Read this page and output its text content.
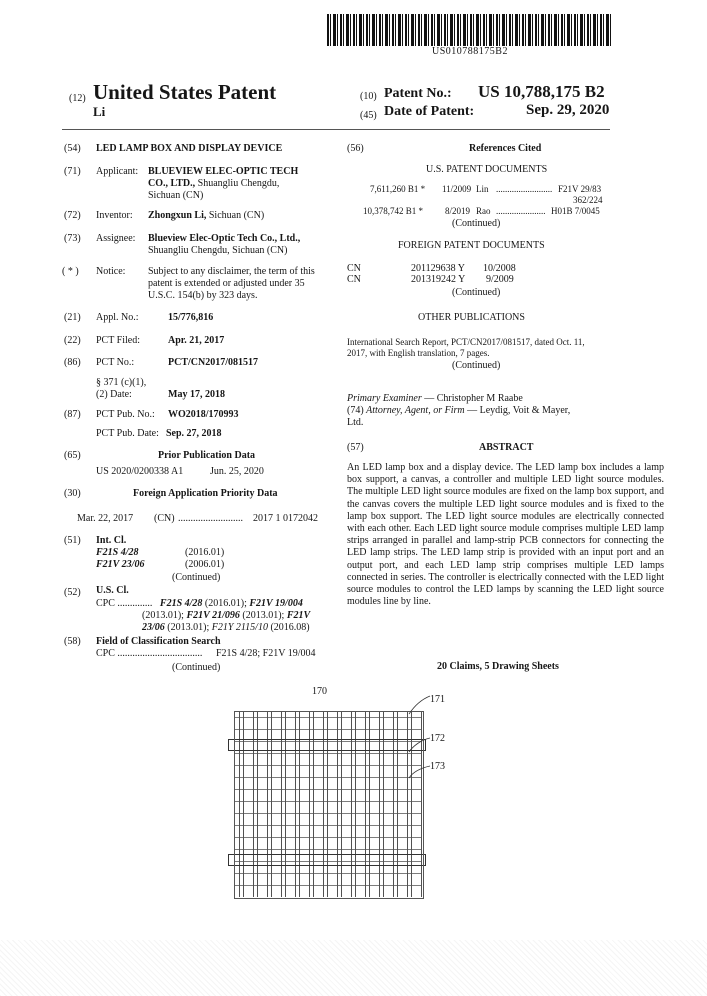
US010788175B2
(12) United States Patent
Li
(10) Patent No.: US 10,788,175 B2
(45) Date of Patent:	Sep. 29, 2020
(54) LED LAMP BOX AND DISPLAY DEVICE
(71) Applicant: BLUEVIEW ELEC-OPTIC TECH
CO., LTD., Shuangliu Chengdu,
Sichuan (CN)
(72) Inventor: Zhongxun Li, Sichuan (CN)
(73) Assignee: Blueview Elec-Optic Tech Co., Ltd.,
Shuangliu Chengdu, Sichuan (CN)
( * ) Notice: Subject to any disclaimer, the term of this
patent is extended or adjusted under 35
U.S.C. 154(b) by 323 days.
(21) Appl. No.:	15/776,816
(22) PCT Filed:	Apr. 21, 2017
(86) PCT No.:	PCT/CN2017/081517
§ 371 (c)(1),
(2) Date:	May 17, 2018
(87) PCT Pub. No.: WO2018/170993
PCT Pub. Date: Sep. 27, 2018
(65)	Prior Publication Data
US 2020/0200338 A1	Jun. 25, 2020
(30)	Foreign Application Priority Data
Mar. 22, 2017 (CN) .......................... 2017 1 0172042
(51) Int. Cl.
F21S 4/28	(2016.01)
F21V 23/06	(2006.01)
(Continued)
(52) U.S. Cl.
CPC .............. F21S 4/28 (2016.01); F21V 19/004
(2013.01); F21V 21/096 (2013.01); F21V
23/06 (2013.01); F21Y 2115/10 (2016.08)
(58) Field of Classification Search
CPC .................................. F21S 4/28; F21V 19/004
(Continued)
(56)	References Cited
U.S. PATENT DOCUMENTS
7,611,260 B1 * 11/2009 Lin ......................... F21V 29/83
362/224
10,378,742 B1 * 8/2019 Rao ...................... H01B 7/0045
(Continued)
FOREIGN PATENT DOCUMENTS
CN	201129638 Y 10/2008
CN	201319242 Y 9/2009
(Continued)
OTHER PUBLICATIONS
International Search Report, PCT/CN2017/081517, dated Oct. 11,
2017, with English translation, 7 pages.
(Continued)
Primary Examiner — Christopher M Raabe
(74) Attorney, Agent, or Firm — Leydig, Voit & Mayer,
Ltd.
(57)	ABSTRACT
An LED lamp box and a display device. The LED lamp box includes a lamp box support, a canvas, a controller and multiple LED light source modules. The multiple LED light source modules are fixed on the lamp box support, and the canvas covers the multiple LED light source modules and is fixed to the lamp box support. The LED light source modules are electrically connected with each other. Each LED light source module comprises multiple LED lamp strips arranged in parallel and lamp-strip PCB connectors for connecting the LED lamp strips. The LED lamp strip is provided with an input port and an output port, and each LED lamp strip comprises multiple LED lamps connected in series. The controller is electrically connected with the LED light source modules to control the LED lamps by scanning the LED light source modules line by line.
20 Claims, 5 Drawing Sheets
170
171
172
173
